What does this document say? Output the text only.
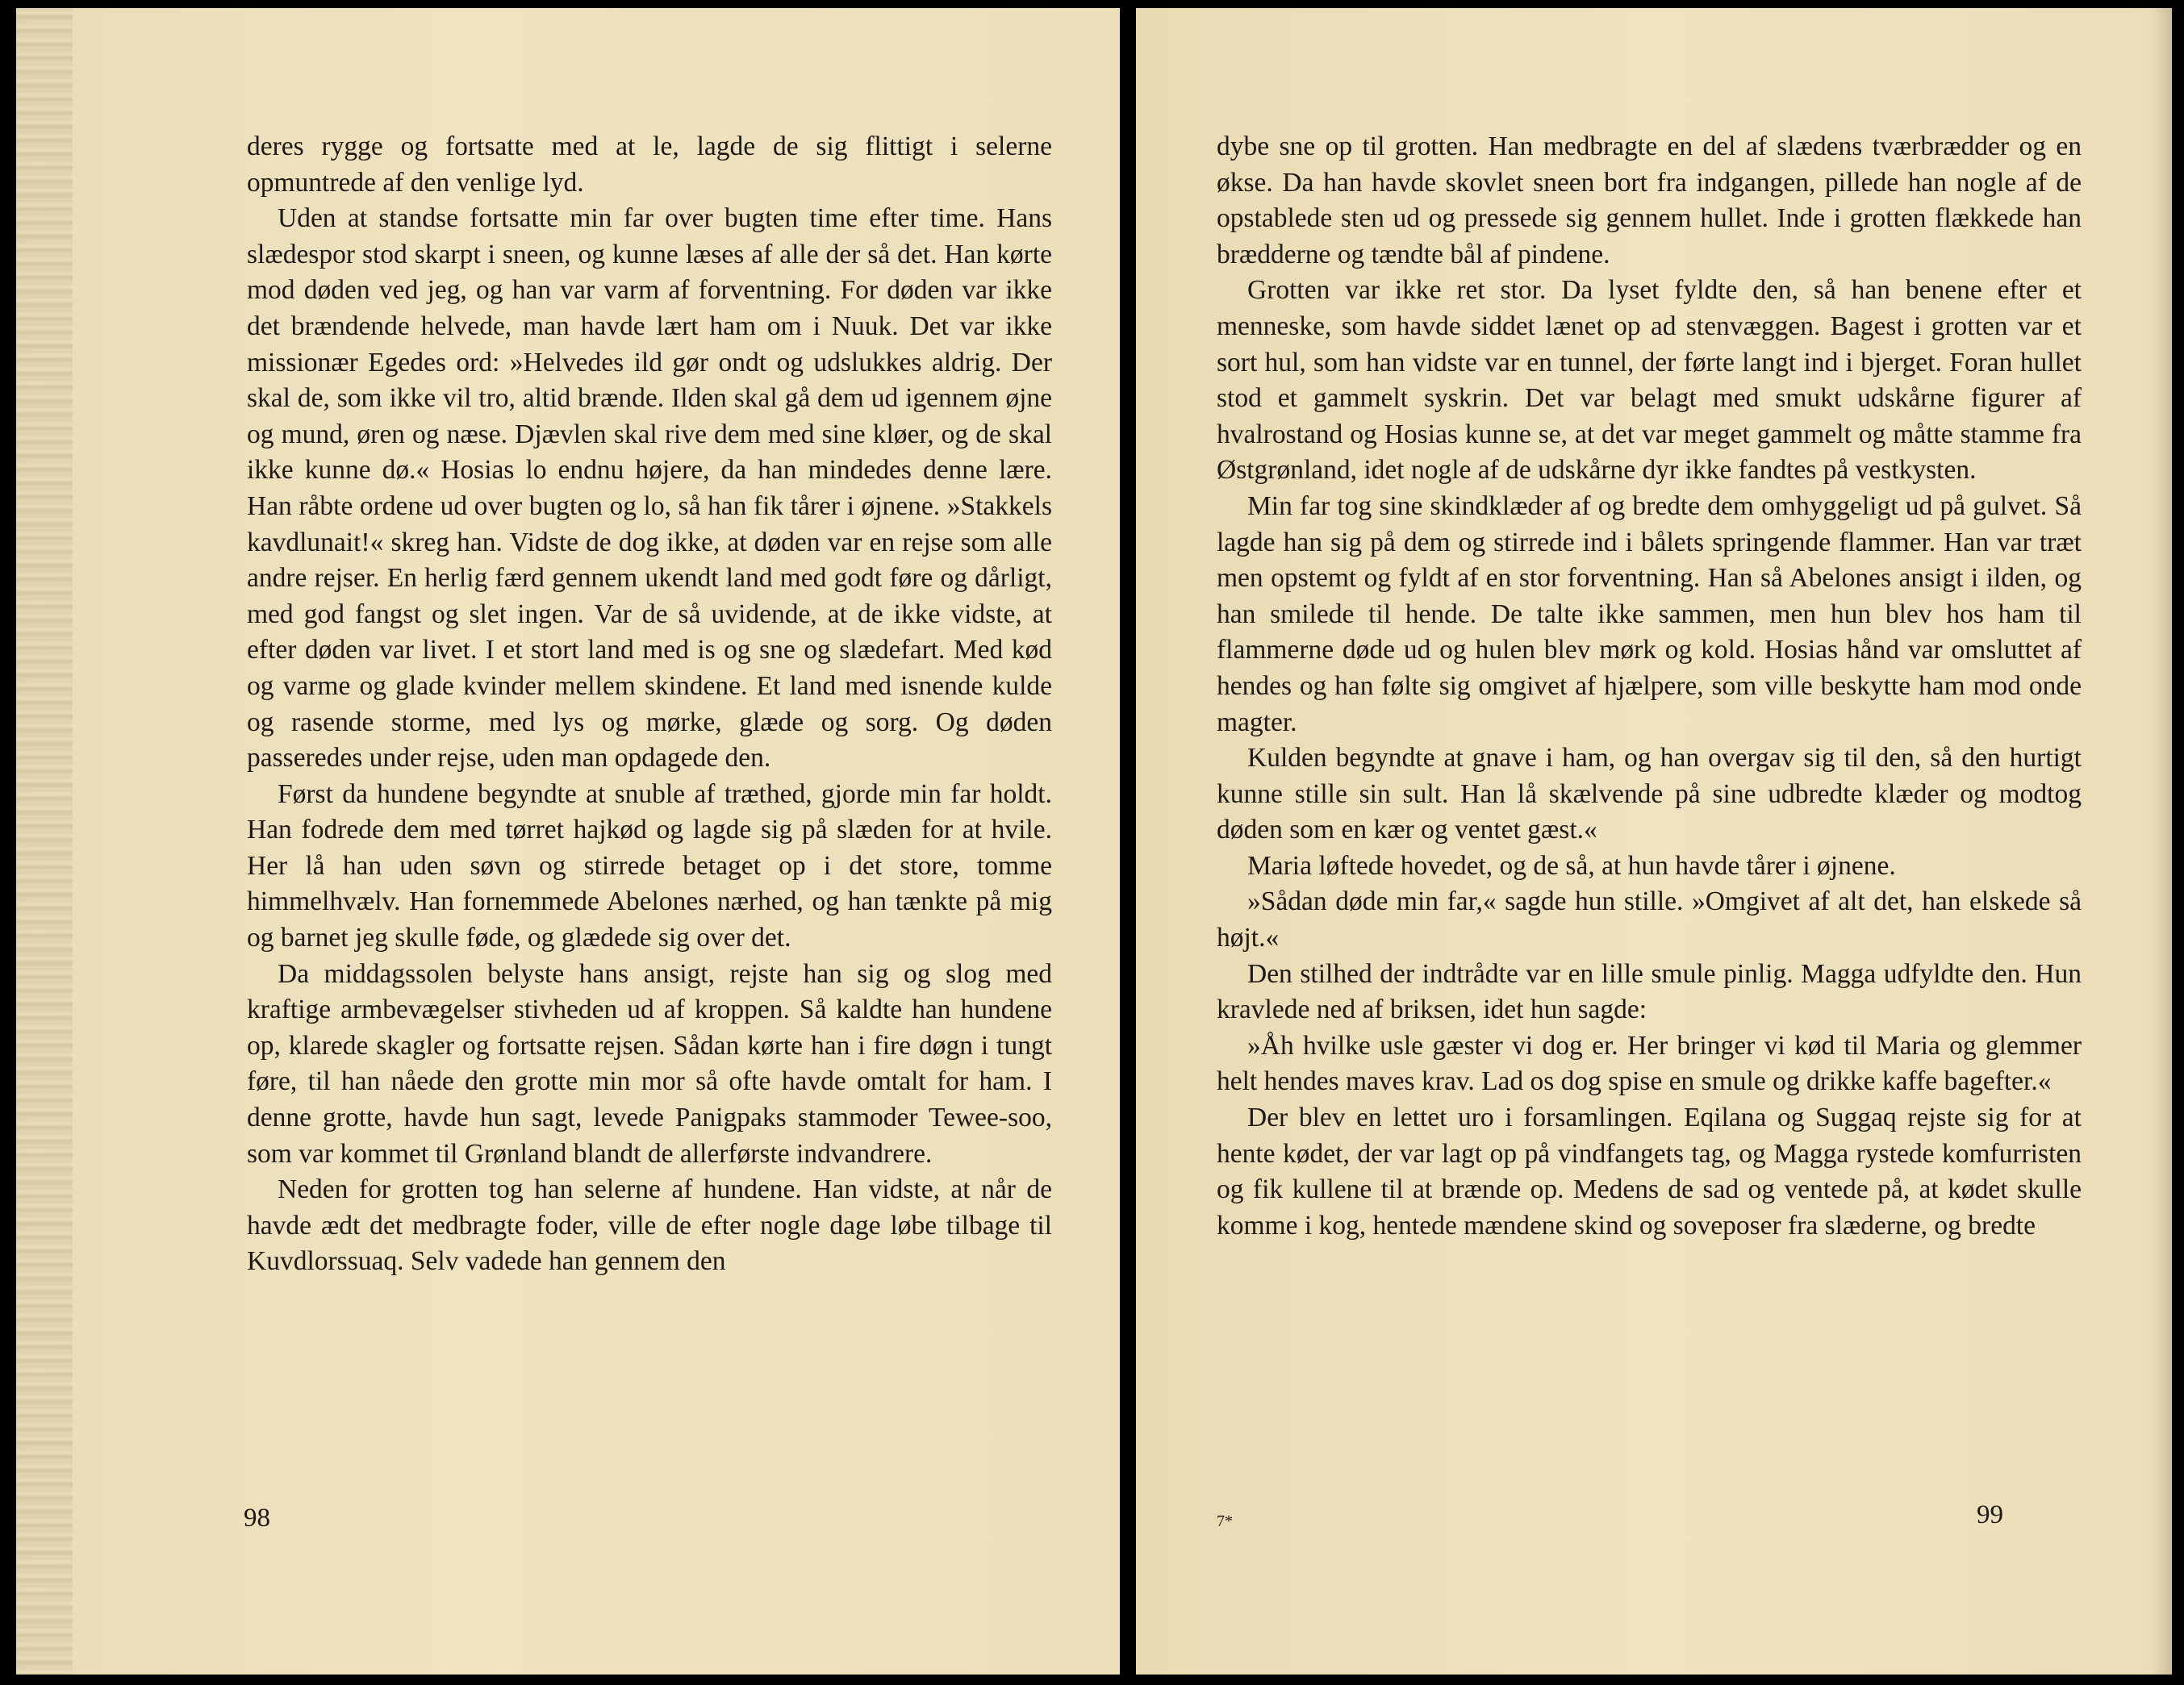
deres rygge og fortsatte med at le, lagde de sig flittigt i selerne opmuntrede af den venlige lyd.

Uden at standse fortsatte min far over bugten time efter time. Hans slædespor stod skarpt i sneen, og kunne læses af alle der så det. Han kørte mod døden ved jeg, og han var varm af forventning. For døden var ikke det brændende helvede, man havde lært ham om i Nuuk. Det var ikke missionær Egedes ord: »Helvedes ild gør ondt og udslukkes aldrig. Der skal de, som ikke vil tro, altid brænde. Ilden skal gå dem ud igennem øjne og mund, øren og næse. Djævlen skal rive dem med sine kløer, og de skal ikke kunne dø.« Hosias lo endnu højere, da han mindedes denne lære. Han råbte ordene ud over bugten og lo, så han fik tårer i øjnene. »Stakkels kavdlunait!« skreg han. Vidste de dog ikke, at døden var en rejse som alle andre rejser. En herlig færd gennem ukendt land med godt føre og dårligt, med god fangst og slet ingen. Var de så uvidende, at de ikke vidste, at efter døden var livet. I et stort land med is og sne og slædefart. Med kød og varme og glade kvinder mellem skindene. Et land med isnende kulde og rasende storme, med lys og mørke, glæde og sorg. Og døden passeredes under rejse, uden man opdagede den.

Først da hundene begyndte at snuble af træthed, gjorde min far holdt. Han fodrede dem med tørret hajkød og lagde sig på slæden for at hvile. Her lå han uden søvn og stirrede betaget op i det store, tomme himmelhvælv. Han fornemmede Abelones nærhed, og han tænkte på mig og barnet jeg skulle føde, og glædede sig over det.

Da middagssolen belyste hans ansigt, rejste han sig og slog med kraftige armbevægelser stivheden ud af kroppen. Så kaldte han hundene op, klarede skagler og fortsatte rejsen. Sådan kørte han i fire døgn i tungt føre, til han nåede den grotte min mor så ofte havde omtalt for ham. I denne grotte, havde hun sagt, levede Panigpaks stammoder Tewee-soo, som var kommet til Grønland blandt de allerførste indvandrere.

Neden for grotten tog han selerne af hundene. Han vidste, at når de havde ædt det medbragte foder, ville de efter nogle dage løbe tilbage til Kuvdlorssuaq. Selv vadede han gennem den

98

dybe sne op til grotten. Han medbragte en del af slædens tværbrædder og en økse. Da han havde skovlet sneen bort fra indgangen, pillede han nogle af de opstablede sten ud og pressede sig gennem hullet. Inde i grotten flækkede han brædderne og tændte bål af pindene.

Grotten var ikke ret stor. Da lyset fyldte den, så han benene efter et menneske, som havde siddet lænet op ad stenvæggen. Bagest i grotten var et sort hul, som han vidste var en tunnel, der førte langt ind i bjerget. Foran hullet stod et gammelt syskrin. Det var belagt med smukt udskårne figurer af hvalrostand og Hosias kunne se, at det var meget gammelt og måtte stamme fra Østgrønland, idet nogle af de udskårne dyr ikke fandtes på vestkysten.

Min far tog sine skindklæder af og bredte dem omhyggeligt ud på gulvet. Så lagde han sig på dem og stirrede ind i bålets springende flammer. Han var træt men opstemt og fyldt af en stor forventning. Han så Abelones ansigt i ilden, og han smilede til hende. De talte ikke sammen, men hun blev hos ham til flammerne døde ud og hulen blev mørk og kold. Hosias hånd var omsluttet af hendes og han følte sig omgivet af hjælpere, som ville beskytte ham mod onde magter.

Kulden begyndte at gnave i ham, og han overgav sig til den, så den hurtigt kunne stille sin sult. Han lå skælvende på sine udbredte klæder og modtog døden som en kær og ventet gæst.«

Maria løftede hovedet, og de så, at hun havde tårer i øjnene.

»Sådan døde min far,« sagde hun stille. »Omgivet af alt det, han elskede så højt.«

Den stilhed der indtrådte var en lille smule pinlig. Magga udfyldte den. Hun kravlede ned af briksen, idet hun sagde:

»Åh hvilke usle gæster vi dog er. Her bringer vi kød til Maria og glemmer helt hendes maves krav. Lad os dog spise en smule og drikke kaffe bagefter.«

Der blev en lettet uro i forsamlingen. Eqilana og Suggaq rejste sig for at hente kødet, der var lagt op på vindfangets tag, og Magga rystede komfurristen og fik kullene til at brænde op. Medens de sad og ventede på, at kødet skulle komme i kog, hentede mændene skind og soveposer fra slæderne, og bredte

7*	99
